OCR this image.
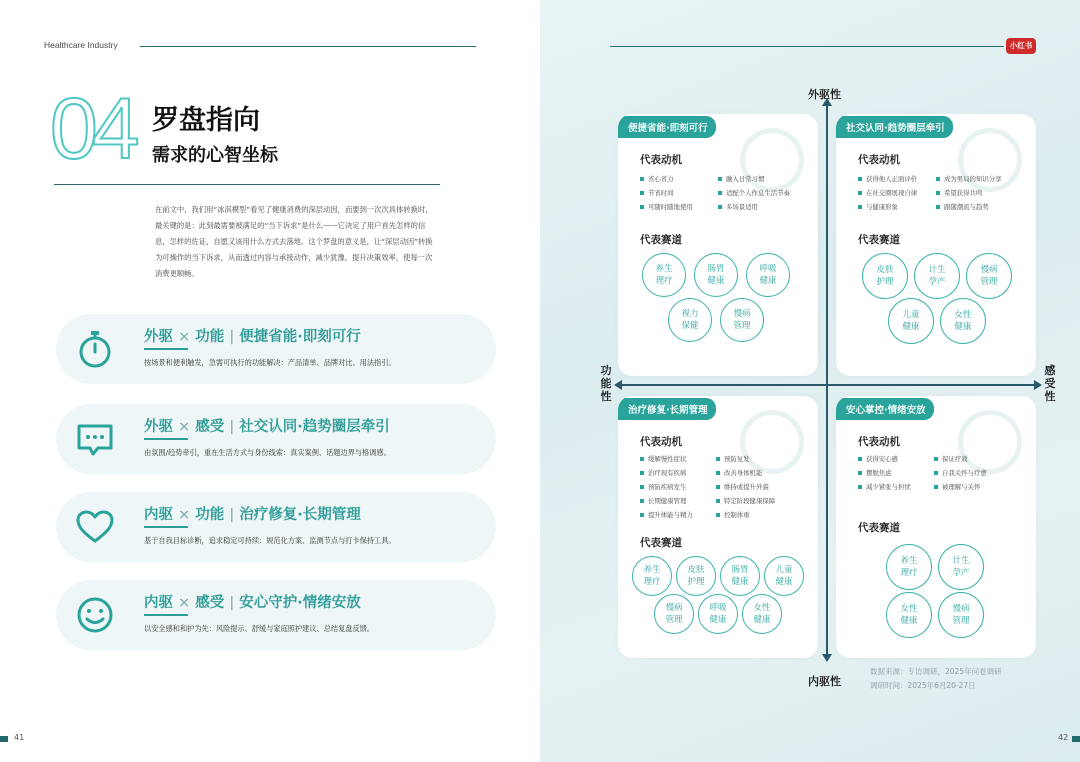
Healthcare Industry
04 罗盘指向
需求的心智坐标
在前文中，我们用“冰淇模型”看见了健康消费的深层动因，而要到一次次具体转换时，最关键的是：此刻最需要被满足的“当下诉求”是什么——它决定了用户首先怎样的信息，怎样的佐证，自愿又该用什么方式去落地。这个罗盘的意义是，让“深层动因”转换为可操作的当下诉求，从而透过内容与承接动作，减少犹豫，提升决策效率，使每一次消费更顺畅。
外驱 × 功能 | 便捷省能·即刻可行
按场景和便利触发，急需可执行的功能解决：产品清单、品牌对比、用法指引。
外驱 × 感受 | 社交认同·趋势圈层牵引
由氛围/趋势牵引，重在生活方式与身份线索：真实案例、话题边界与格调感。
内驱 × 功能 | 治疗修复·长期管理
基于自我目标诊断，追求稳定可持续：规范化方案、监测节点与打卡保持工具。
内驱 × 感受 | 安心守护·情绪安放
以安全感和和护为先：风险提示、舒缓与家庭照护建议、总结复盘反馈。
41
小红书
外驱性
内驱性
功能性
感受性
便捷省能·即刻可行
代表动机
省心省力	融入日常习惯
节省时间	适配个人作息生活节奏
可随时随地使用	多场景适用
代表赛道
养生理疗
肠胃健康
呼吸健康
视力保健
慢病管理
社交认同·趋势圈层牵引
代表动机
获得他人正面评价	成为男局的知识分享
在社交圈展现自律	希望获得共鸣
与健康形象	跟随潮流与趋势
代表赛道
皮肤护理
计生孕产
慢病管理
儿童健康
女性健康
治疗修复·长期管理
代表动机
缓解慢性症状	预防复发
治疗现有疾病	改善身体机能
预防疾病发生	维持或提升外貌
长期健康管理	特定阶段健康保障
提升体能与精力	控制体重
代表赛道
养生理疗
皮肤护理
肠胃健康
儿童健康
慢病管理
呼吸健康
女性健康
安心掌控·情绪安放
代表动机
获得安心感	保证疗效
摆脱焦虑	自我关怀与疗愈
减少紧张与担忧	被理解与关怀
代表赛道
养生理疗
计生孕产
女性健康
慢病管理
数据来源：专访调研，2025年问卷调研
调研时间：2025年6月20-27日
42
